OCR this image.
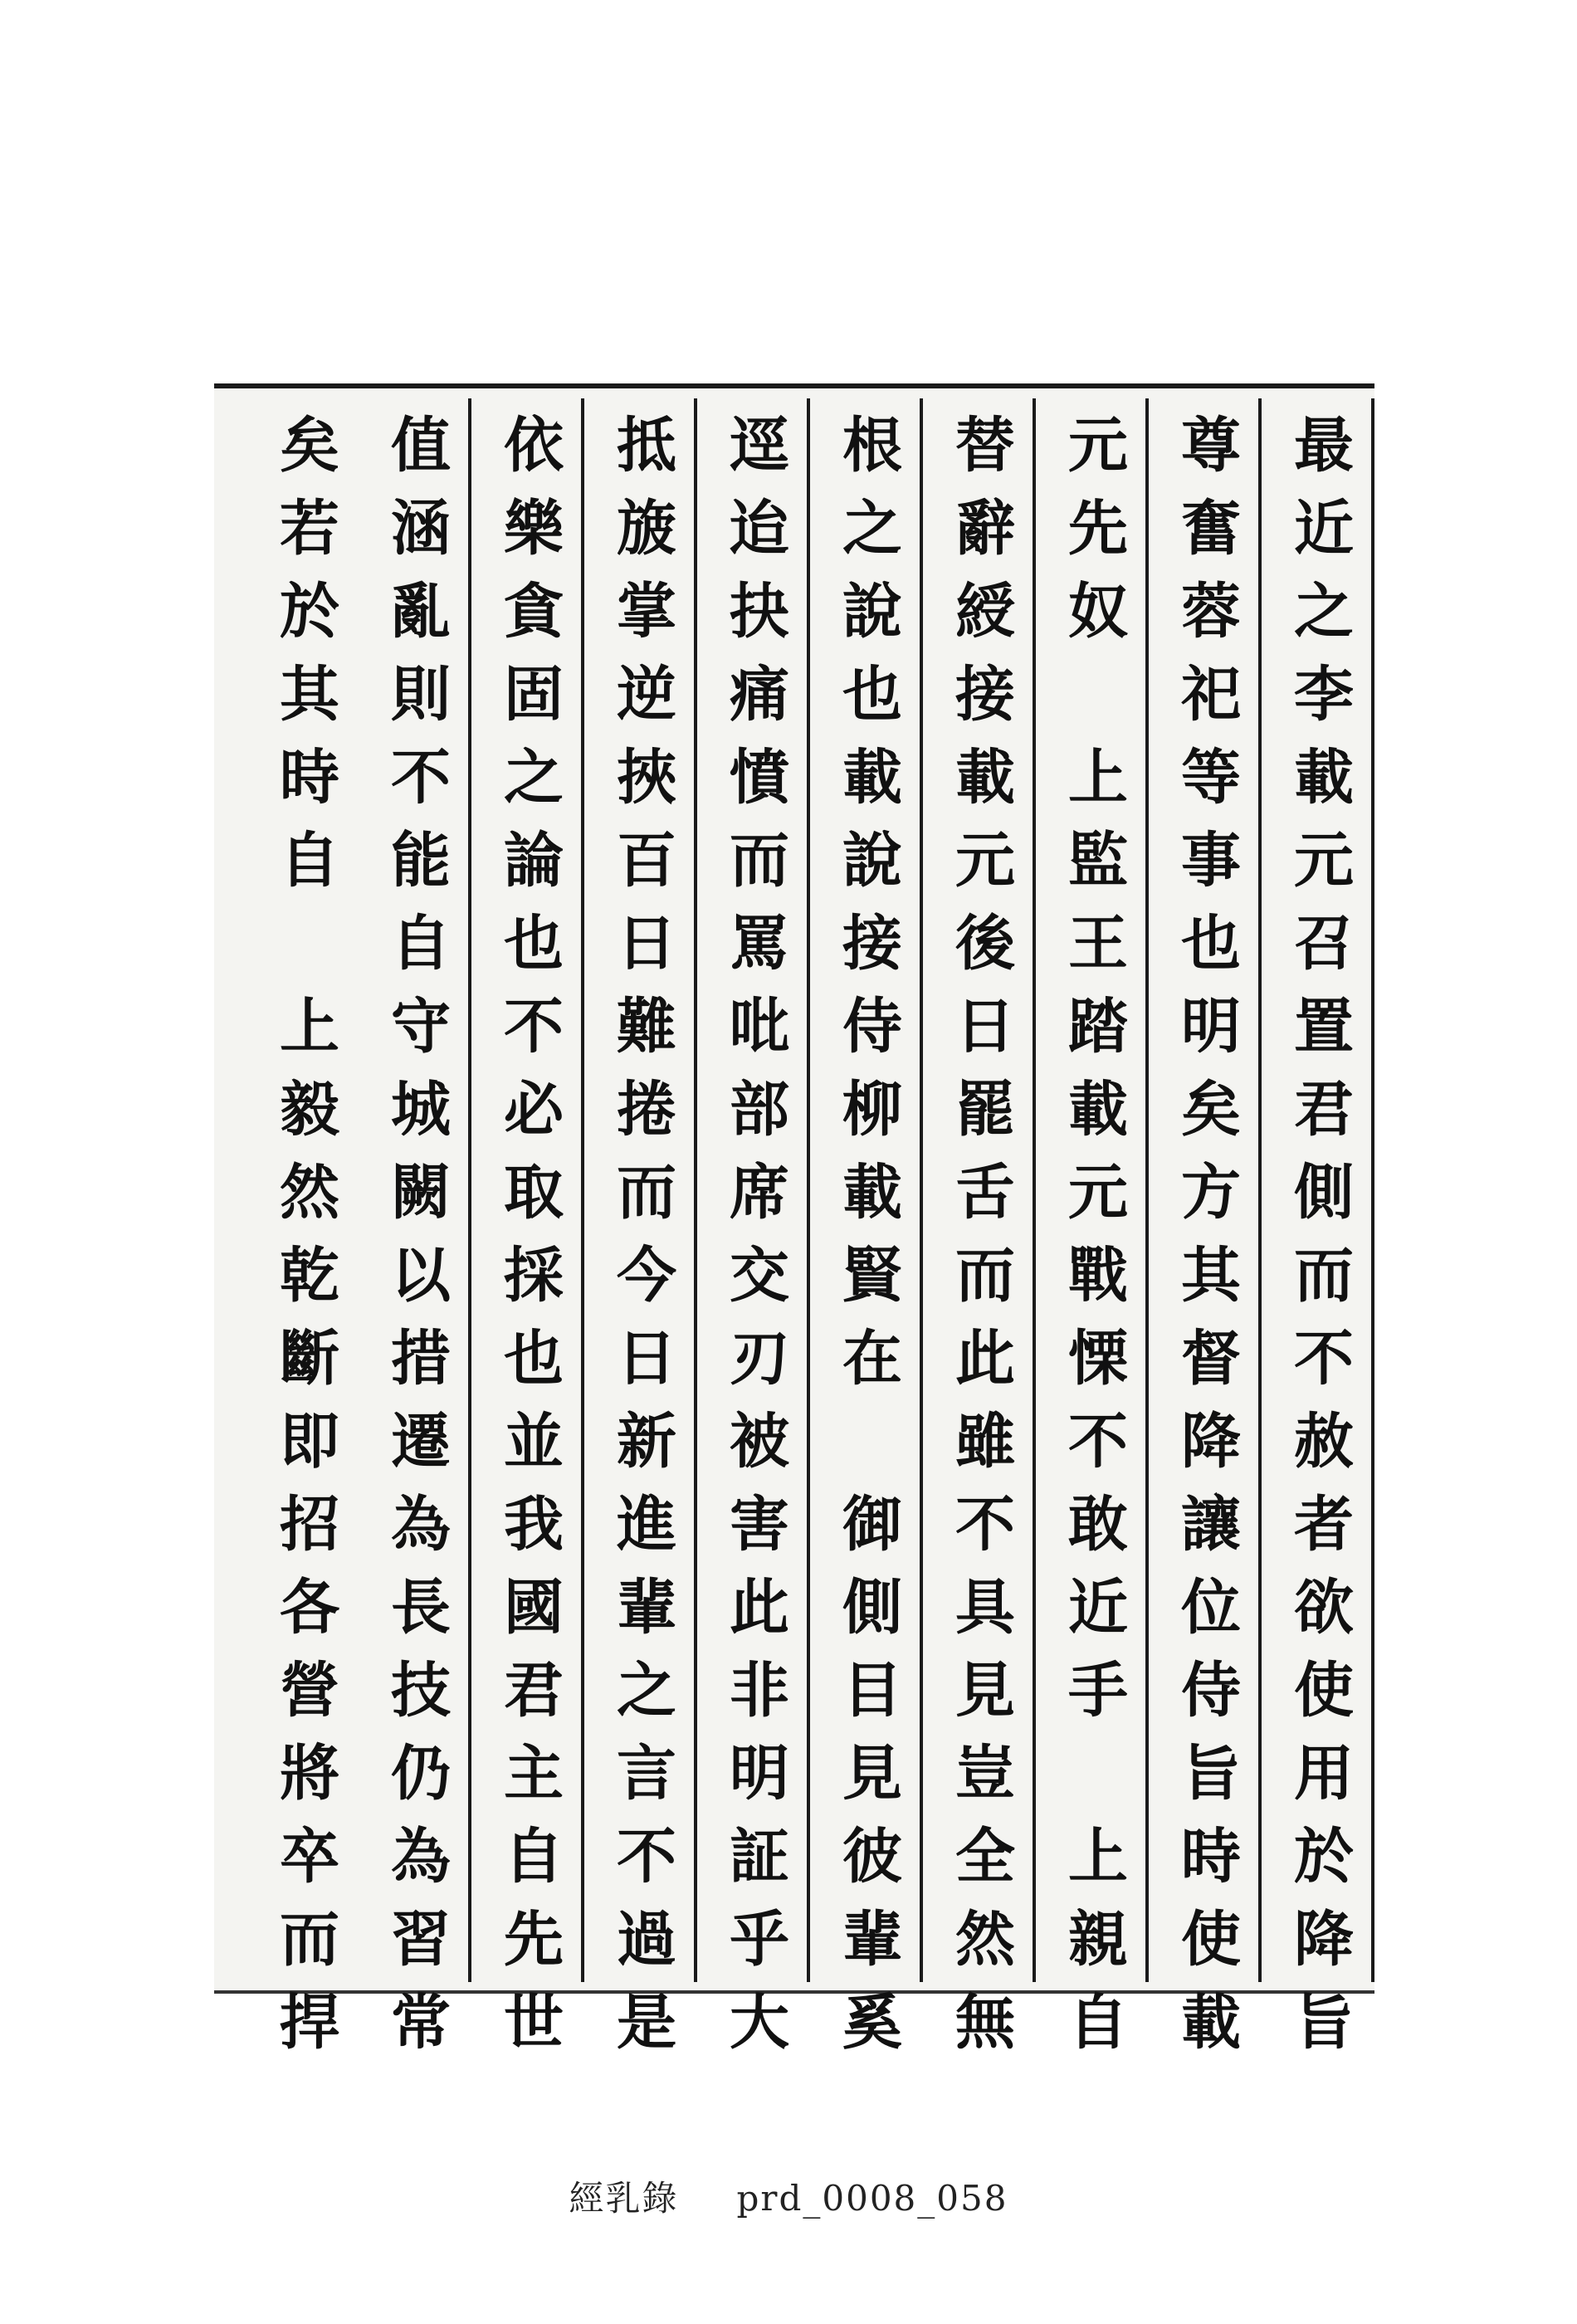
最近之李載元召置君側而不赦者欲使用於降旨
尊奮蓉祀等事也明矣方其督降讓位侍旨時使載
元先奴　上監王踏載元戰慄不敢近手　上親自
替辭綬接載元後日罷舌而此雖不具見豈全然無
根之說也載說接侍柳載賢在　御側目見彼輩奚
逕迨抉痛憤而罵吡部席交刃被害此非明証乎大
抵旇掌逆挾百日難捲而今日新進輩之言不過是
依樂貪固之論也不必取採也並我國君主自先世
值涵亂則不能自守城闕以措遷為長技仍為習常
矣若於其時自　上毅然乾斷即招各營將卒而捍
經乳錄 prd_0008_058
